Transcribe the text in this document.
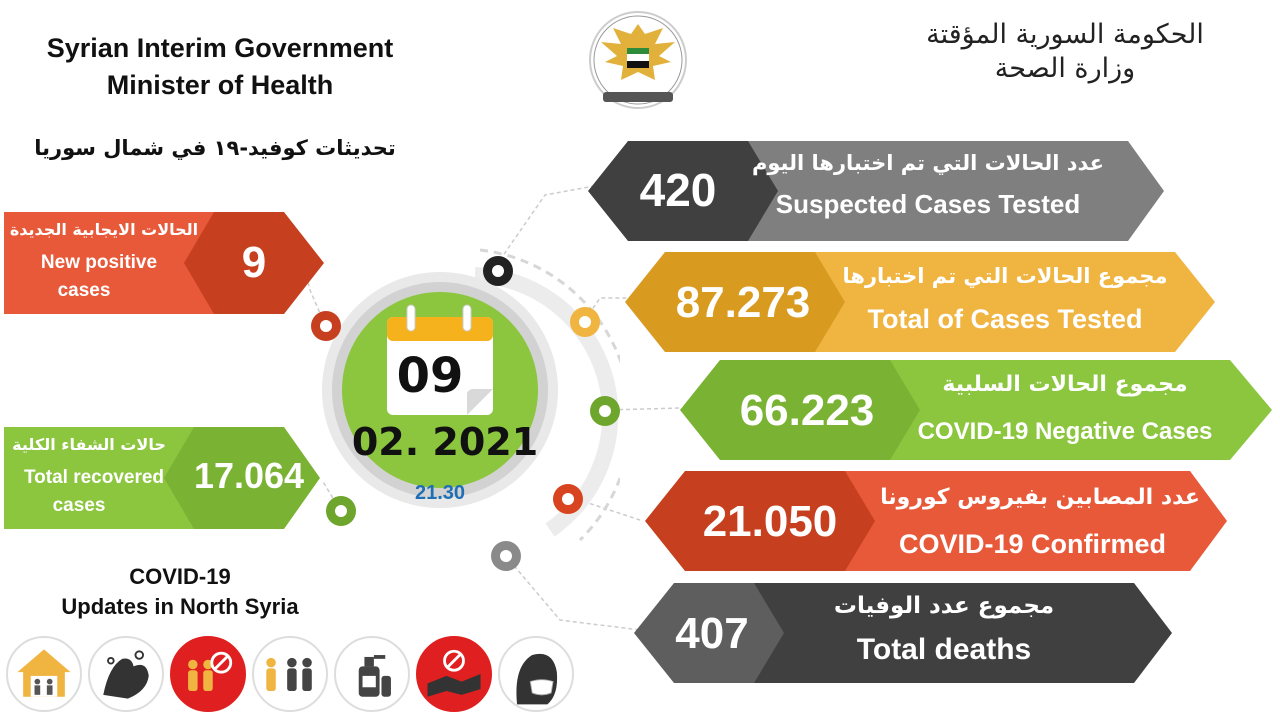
Syrian Interim Government
Minister of Health
الحكومة السورية المؤقتة
وزارة الصحة
تحديثات كوفيد-١٩ في شمال سوريا
09
02. 2021
21.30
420
عدد الحالات التي تم اختبارها اليوم
Suspected Cases Tested
87.273
مجموع الحالات التي تم اختبارها
Total of Cases Tested
66.223
مجموع الحالات السلبية
COVID-19 Negative Cases
21.050	عدد المصابين بفيروس كورونا
COVID-19 Confirmed
407
مجموع عدد الوفيات
Total deaths
الحالات الايجابية الجديدة
New positive
cases
9
حالات الشفاء الكلية
Total recovered
cases
17.064
COVID-19
Updates in North Syria
